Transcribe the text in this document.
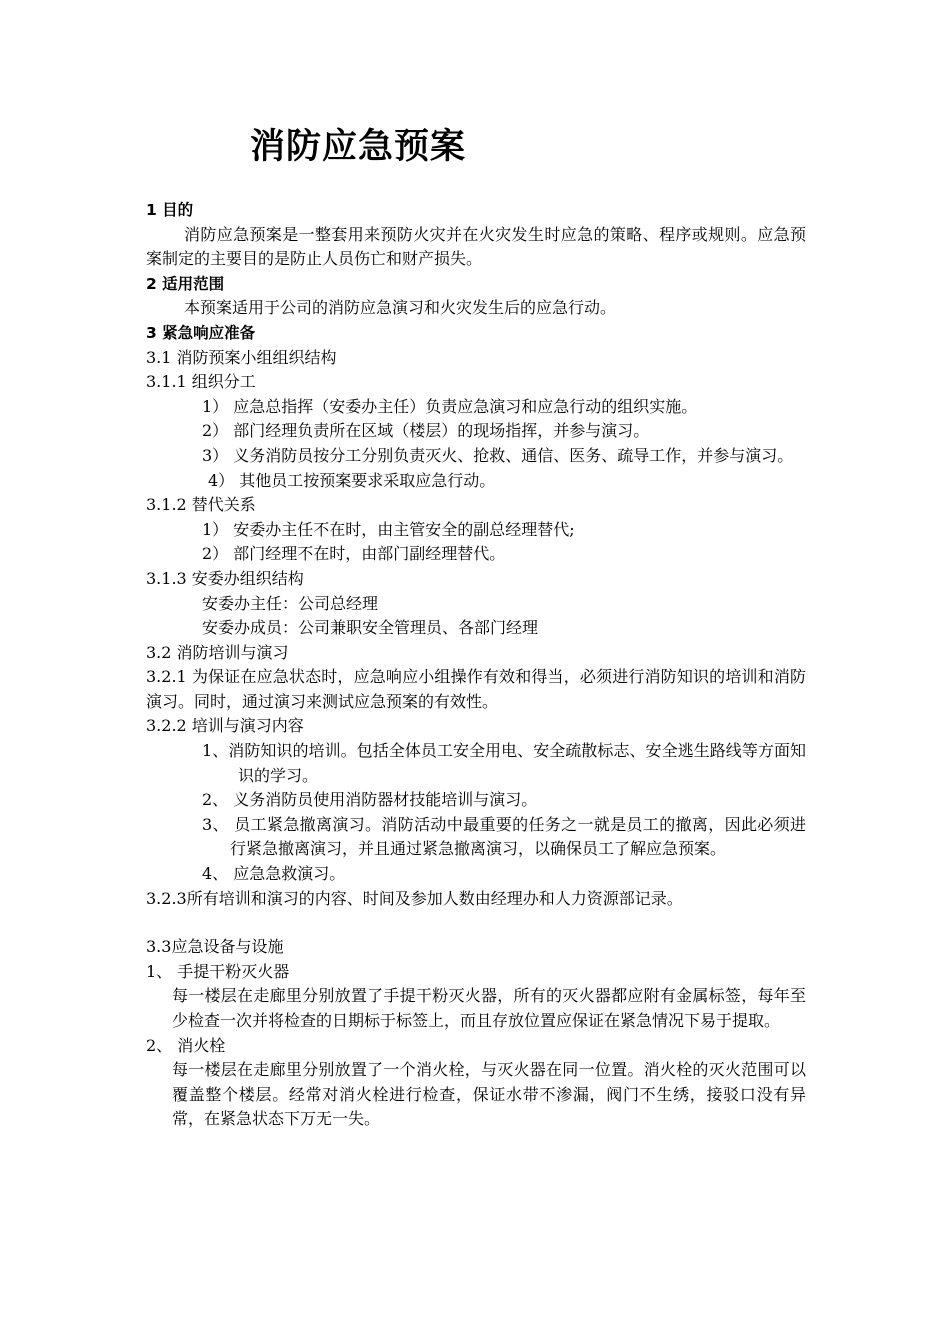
消防应急预案

1 目的

消防应急预案是一整套用来预防火灾并在火灾发生时应急的策略、程序或规则。应急预案制定的主要目的是防止人员伤亡和财产损失。

2 适用范围

本预案适用于公司的消防应急演习和火灾发生后的应急行动。

3 紧急响应准备

3.1 消防预案小组组织结构

3.1.1 组织分工

1） 应急总指挥（安委办主任）负责应急演习和应急行动的组织实施。

2） 部门经理负责所在区域（楼层）的现场指挥，并参与演习。

3） 义务消防员按分工分别负责灭火、抢救、通信、医务、疏导工作，并参与演习。

4） 其他员工按预案要求采取应急行动。

3.1.2 替代关系

1） 安委办主任不在时，由主管安全的副总经理替代;

2） 部门经理不在时，由部门副经理替代。

3.1.3 安委办组织结构

安委办主任：公司总经理

安委办成员：公司兼职安全管理员、各部门经理

3.2 消防培训与演习

3.2.1 为保证在应急状态时，应急响应小组操作有效和得当，必须进行消防知识的培训和消防演习。同时，通过演习来测试应急预案的有效性。

3.2.2 培训与演习内容

1、消防知识的培训。包括全体员工安全用电、安全疏散标志、安全逃生路线等方面知识的学习。

2、 义务消防员使用消防器材技能培训与演习。

3、 员工紧急撤离演习。消防活动中最重要的任务之一就是员工的撤离，因此必须进行紧急撤离演习，并且通过紧急撤离演习，以确保员工了解应急预案。

4、 应急急救演习。

3.2.3所有培训和演习的内容、时间及参加人数由经理办和人力资源部记录。

3.3应急设备与设施

1、 手提干粉灭火器

每一楼层在走廊里分别放置了手提干粉灭火器，所有的灭火器都应附有金属标签，每年至少检查一次并将检查的日期标于标签上，而且存放位置应保证在紧急情况下易于提取。

2、 消火栓

每一楼层在走廊里分别放置了一个消火栓，与灭火器在同一位置。消火栓的灭火范围可以覆盖整个楼层。经常对消火栓进行检查，保证水带不渗漏，阀门不生绣，接驳口没有异常，在紧急状态下万无一失。
